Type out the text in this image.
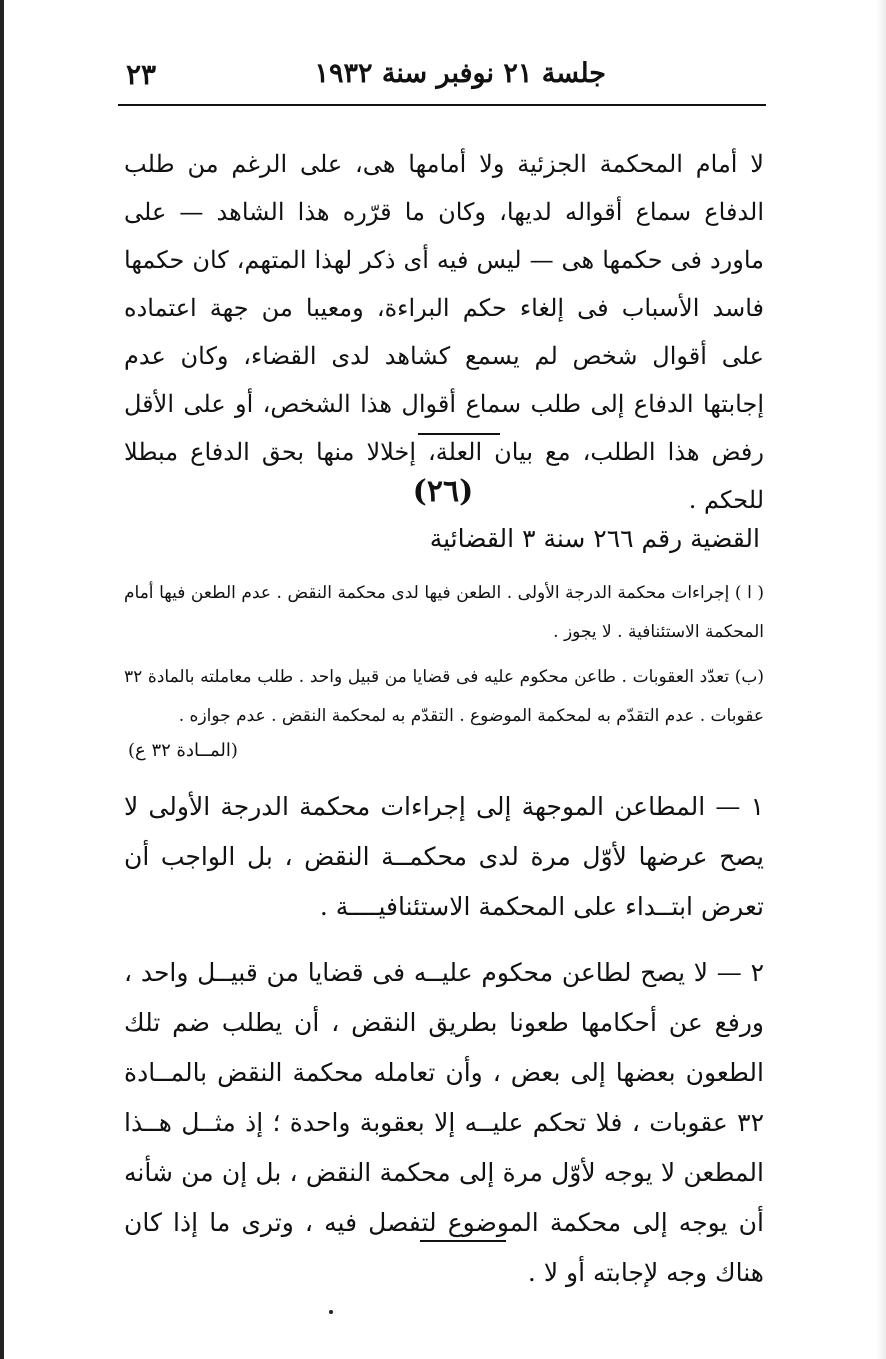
جلسة ٢١ نوفبر سنة ١٩٣٢
٢٣
لا أمام المحكمة الجزئية ولا أمامها هى، على الرغم من طلب الدفاع سماع أقواله لديها، وكان ما قرّره هذا الشاهد — على ماورد فى حكمها هى — ليس فيه أى ذكر لهذا المتهم، كان حكمها فاسد الأسباب فى إلغاء حكم البراءة، ومعيبا من جهة اعتماده على أقوال شخص لم يسمع كشاهد لدى القضاء، وكان عدم إجابتها الدفاع إلى طلب سماع أقوال هذا الشخص، أو على الأقل رفض هذا الطلب، مع بيان العلة، إخلالا منها بحق الدفاع مبطلا للحكم .
(٢٦)
القضية رقم ٢٦٦ سنة ٣ القضائية
( ا ) إجراءات محكمة الدرجة الأولى . الطعن فيها لدى محكمة النقض . عدم الطعن فيها أمام المحكمة الاستئنافية . لا يجوز .
(ب) تعدّد العقوبات . طاعن محكوم عليه فى قضايا من قبيل واحد . طلب معاملته بالمادة ٣٢ عقوبات . عدم التقدّم به لمحكمة الموضوع . التقدّم به لمحكمة النقض . عدم جوازه .
(المــادة ٣٢ ع)
١ — المطاعن الموجهة إلى إجراءات محكمة الدرجة الأولى لا يصح عرضها لأوّل مرة لدى محكمــة النقض ، بل الواجب أن تعرض ابتــداء على المحكمة الاستئنافيــــة .
٢ — لا يصح لطاعن محكوم عليــه فى قضايا من قبيــل واحد ، ورفع عن أحكامها طعونا بطريق النقض ، أن يطلب ضم تلك الطعون بعضها إلى بعض ، وأن تعامله محكمة النقض بالمــادة ٣٢ عقوبات ، فلا تحكم عليــه إلا بعقوبة واحدة ؛ إذ مثــل هــذا المطعن لا يوجه لأوّل مرة إلى محكمة النقض ، بل إن من شأنه أن يوجه إلى محكمة الموضوع لتفصل فيه ، وترى ما إذا كان هناك وجه لإجابته أو لا .
